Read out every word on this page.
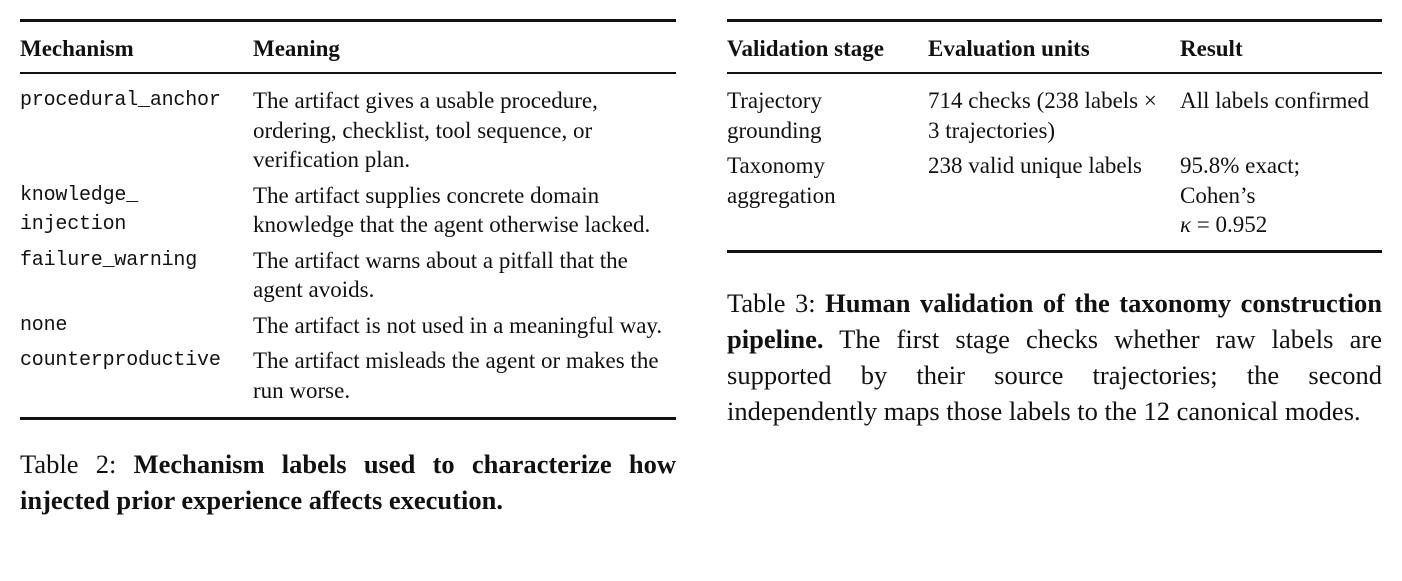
Mechanism	Meaning
procedural_anchor	The artifact gives a usable procedure, ordering, checklist, tool sequence, or verification plan.
knowledge_
injection	The artifact supplies concrete domain knowledge that the agent otherwise lacked.
failure_warning	The artifact warns about a pitfall that the agent avoids.
none	The artifact is not used in a meaningful way.
counterproductive	The artifact misleads the agent or makes the run worse.
Table 2: Mechanism labels used to characterize how injected prior experience affects execution.
Validation stage	Evaluation units	Result
Trajectory grounding	714 checks (238 labels × 3 trajectories)	All labels confirmed
Taxonomy aggregation	238 valid unique labels	95.8% exact; Cohen’s
κ = 0.952
Table 3: Human validation of the taxonomy construction pipeline. The first stage checks whether raw labels are supported by their source trajectories; the second independently maps those labels to the 12 canonical modes.
